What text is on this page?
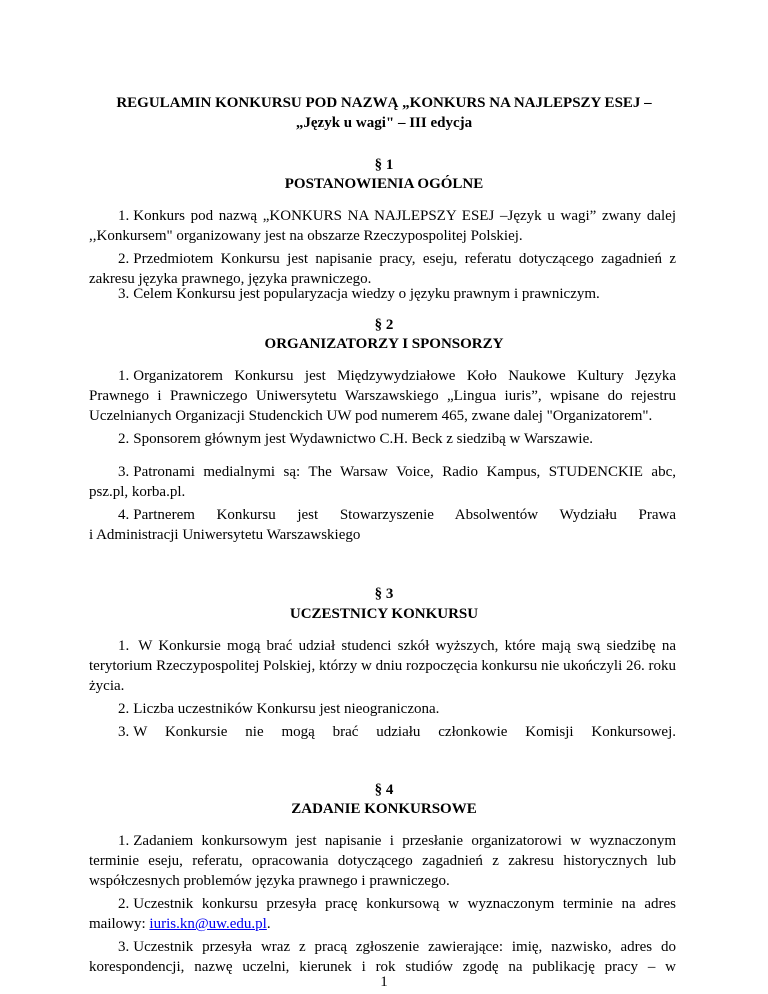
REGULAMIN KONKURSU POD NAZWĄ „KONKURS NA NAJLEPSZY ESEJ –
„Język u wagi" – III edycja
§ 1
POSTANOWIENIA OGÓLNE
1. Konkurs pod nazwą „KONKURS NA NAJLEPSZY ESEJ –Język u wagi” zwany dalej ,,Konkursem" organizowany jest na obszarze Rzeczypospolitej Polskiej.
2. Przedmiotem Konkursu jest napisanie pracy, eseju, referatu dotyczącego zagadnień z zakresu języka prawnego, języka prawniczego.
3. Celem Konkursu jest popularyzacja wiedzy o języku prawnym i prawniczym.
§ 2
ORGANIZATORZY I SPONSORZY
1. Organizatorem Konkursu jest Międzywydziałowe Koło Naukowe Kultury Języka Prawnego i Prawniczego Uniwersytetu Warszawskiego „Lingua iuris”, wpisane do rejestru Uczelnianych Organizacji Studenckich UW pod numerem 465, zwane dalej "Organizatorem".
2. Sponsorem głównym jest Wydawnictwo C.H. Beck z siedzibą w Warszawie.
3. Patronami medialnymi są: The Warsaw Voice, Radio Kampus, STUDENCKIE abc, psz.pl, korba.pl.
4. Partnerem Konkursu jest Stowarzyszenie Absolwentów Wydziału Prawa
i Administracji Uniwersytetu Warszawskiego
§ 3
UCZESTNICY KONKURSU
1. W Konkursie mogą brać udział studenci szkół wyższych, które mają swą siedzibę na terytorium Rzeczypospolitej Polskiej, którzy w dniu rozpoczęcia konkursu nie ukończyli 26. roku życia.
2. Liczba uczestników Konkursu jest nieograniczona.
3. W Konkursie nie mogą brać udziału członkowie Komisji Konkursowej.
§ 4
ZADANIE KONKURSOWE
1. Zadaniem konkursowym jest napisanie i przesłanie organizatorowi w wyznaczonym terminie eseju, referatu, opracowania dotyczącego zagadnień z zakresu historycznych lub współczesnych problemów języka prawnego i prawniczego.
2. Uczestnik konkursu przesyła pracę konkursową w wyznaczonym terminie na adres mailowy: iuris.kn@uw.edu.pl.
3. Uczestnik przesyła wraz z pracą zgłoszenie zawierające: imię, nazwisko, adres do korespondencji, nazwę uczelni, kierunek i rok studiów zgodę na publikację pracy – w
1
